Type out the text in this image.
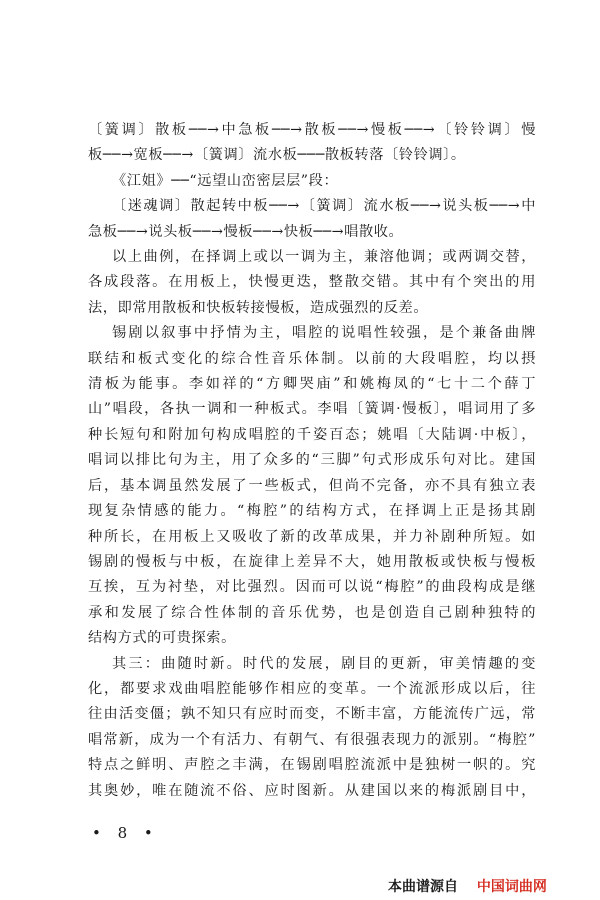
〔簧调〕散板──→中急板──→散板──→慢板──→〔铃铃调〕慢
板──→宽板──→〔簧调〕流水板───散板转落〔铃铃调〕。
《江姐》──“远望山峦密层层”段：
〔迷魂调〕散起转中板──→〔簧调〕流水板──→说头板──→中
急板──→说头板──→慢板──→快板──→唱散收。
以上曲例，在择调上或以一调为主，兼溶他调；或两调交替，
各成段落。在用板上，快慢更迭，整散交错。其中有个突出的用
法，即常用散板和快板转接慢板，造成强烈的反差。
锡剧以叙事中抒情为主，唱腔的说唱性较强，是个兼备曲牌
联结和板式变化的综合性音乐体制。以前的大段唱腔，均以摂
清板为能事。李如祥的“方卿哭庙”和姚梅凤的“七十二个薛丁
山”唱段，各执一调和一种板式。李唱〔簧调·慢板〕，唱词用了多
种长短句和附加句构成唱腔的千姿百态；姚唱〔大陆调·中板〕，
唱词以排比句为主，用了众多的“三脚”句式形成乐句对比。建国
后，基本调虽然发展了一些板式，但尚不完备，亦不具有独立表
现复杂情感的能力。“梅腔”的结构方式，在择调上正是扬其剧
种所长，在用板上又吸收了新的改革成果，并力补剧种所短。如
锡剧的慢板与中板，在旋律上差异不大，她用散板或快板与慢板
互挨，互为衬垫，对比强烈。因而可以说“梅腔”的曲段构成是继
承和发展了综合性体制的音乐优势，也是创造自己剧种独特的
结构方式的可贵探索。
其三：曲随时新。时代的发展，剧目的更新，审美情趣的变
化，都要求戏曲唱腔能够作相应的变革。一个流派形成以后，往
往由活变僵；孰不知只有应时而变，不断丰富，方能流传广远，常
唱常新，成为一个有活力、有朝气、有很强表现力的派别。“梅腔”
特点之鲜明、声腔之丰满，在锡剧唱腔流派中是独树一帜的。究
其奥妙，唯在随流不俗、应时图新。从建国以来的梅派剧目中，
• 8 •
本曲谱源自 中国词曲网
